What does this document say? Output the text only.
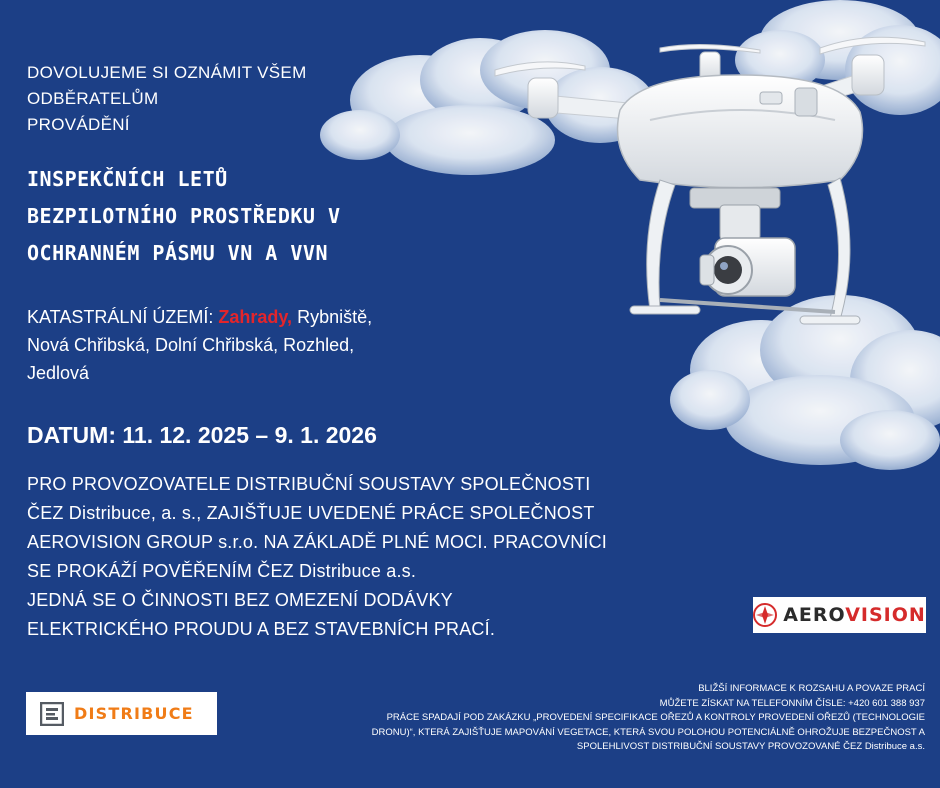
DOVOLUJEME SI OZNÁMIT VŠEM
ODBĚRATELŮM
PROVÁDĚNÍ
INSPEKČNÍCH LETŮ
BEZPILOTNÍHO PROSTŘEDKU V
OCHRANNÉM PÁSMU VN A VVN
KATASTRÁLNÍ ÚZEMÍ: Zahrady, Rybniště,
Nová Chřibská, Dolní Chřibská, Rozhled,
Jedlová
DATUM: 11. 12. 2025 – 9. 1. 2026
PRO PROVOZOVATELE DISTRIBUČNÍ SOUSTAVY SPOLEČNOSTI
ČEZ Distribuce, a. s., ZAJIŠŤUJE UVEDENÉ PRÁCE SPOLEČNOST
AEROVISION GROUP s.r.o. NA ZÁKLADĚ PLNÉ MOCI. PRACOVNÍCI
SE PROKÁŽÍ POVĚŘENÍM ČEZ Distribuce a.s.
JEDNÁ SE O ČINNOSTI BEZ OMEZENÍ DODÁVKY
ELEKTRICKÉHO PROUDU A BEZ STAVEBNÍCH PRACÍ.
AEROVISION
DISTRIBUCE
BLIŽŠÍ INFORMACE K ROZSAHU A POVAZE PRACÍ
MŮŽETE ZÍSKAT NA TELEFONNÍM ČÍSLE: +420 601 388 937
PRÁCE SPADAJÍ POD ZAKÁZKU „PROVEDENÍ SPECIFIKACE OŘEZŮ A KONTROLY PROVEDENÍ OŘEZŮ (TECHNOLOGIE
DRONU)“, KTERÁ ZAJIŠŤUJE MAPOVÁNÍ VEGETACE, KTERÁ SVOU POLOHOU POTENCIÁLNĚ OHROŽUJE BEZPEČNOST A
SPOLEHLIVOST DISTRIBUČNÍ SOUSTAVY PROVOZOVANÉ ČEZ Distribuce a.s.
